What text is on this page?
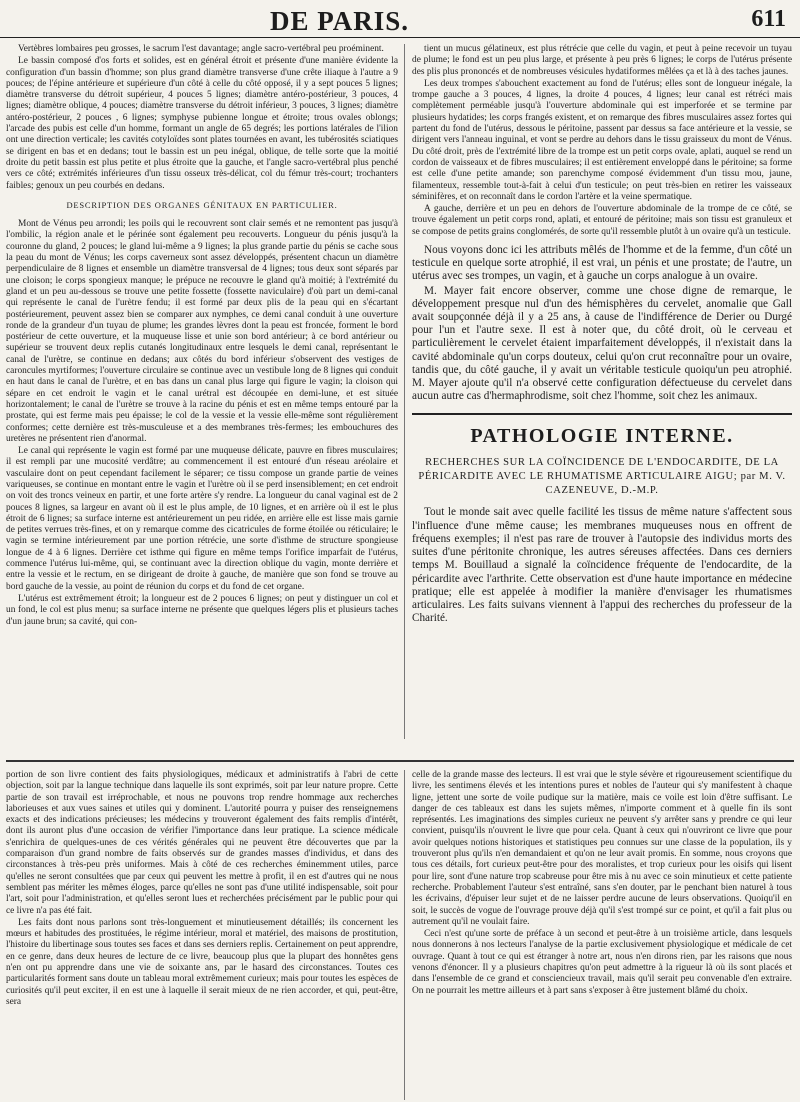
DE PARIS.	611

Vertèbres lombaires peu grosses, le sacrum l'est davantage; angle sacro-vertébral peu proéminent.

Le bassin composé d'os forts et solides, est en général étroit et présente d'une manière évidente la configuration d'un bassin d'homme; son plus grand diamètre transverse d'une crête iliaque à l'autre a 9 pouces; de l'épine antérieure et supérieure d'un côté à celle du côté opposé, il y a sept pouces 5 lignes; diamètre transverse du détroit supérieur, 4 pouces 5 lignes; diamètre antéro-postérieur, 3 pouces, 4 lignes; diamètre oblique, 4 pouces; diamètre transverse du détroit inférieur, 3 pouces, 3 lignes; diamètre antéro-postérieur, 2 pouces , 6 lignes; symphyse pubienne longue et étroite; trous ovales oblongs; l'arcade des pubis est celle d'un homme, formant un angle de 65 degrés; les portions latérales de l'ilion ont une direction verticale; les cavités cotyloïdes sont plates tournées en avant, les tubérosités sciatiques se dirigent en bas et en dedans; tout le bassin est un peu inégal, oblique, de telle sorte que la moitié droite du petit bassin est plus petite et plus étroite que la gauche, et l'angle sacro-vertébral plus penché vers ce côté; extrémités inférieures d'un tissu osseux très-délicat, col du fémur très-court; trochanters faibles; genoux un peu courbés en dedans.

DESCRIPTION DES ORGANES GÉNITAUX EN PARTICULIER.

Mont de Vénus peu arrondi; les poils qui le recouvrent sont clair semés et ne remontent pas jusqu'à l'ombilic, la région anale et le périnée sont également peu recouverts. Longueur du pénis jusqu'à la couronne du gland, 2 pouces; le gland lui-même a 9 lignes; la plus grande partie du pénis se cache sous la peau du mont de Vénus; les corps caverneux sont assez développés, présentent chacun un diamètre perpendiculaire de 8 lignes et ensemble un diamètre transversal de 4 lignes; tous deux sont séparés par une cloison; le corps spongieux manque; le prépuce ne recouvre le gland qu'à moitié; à l'extrémité du gland et un peu au-dessous se trouve une petite fossette (fossette naviculaire) d'où part un demi-canal qui représente le canal de l'urètre fendu; il est formé par deux plis de la peau qui en s'écartant postérieurement, peuvent assez bien se comparer aux nymphes, ce demi canal conduit à une ouverture ronde de la grandeur d'un tuyau de plume; les grandes lèvres dont la peau est froncée, forment le bord postérieur de cette ouverture, et la muqueuse lisse et unie son bord antérieur; à ce bord antérieur ou supérieur se trouvent deux replis cutanés longitudinaux entre lesquels le demi canal, représentant le canal de l'urètre, se continue en dedans; aux côtés du bord inférieur s'observent des vestiges de caroncules myrtiformes; l'ouverture circulaire se continue avec un vestibule long de 8 lignes qui conduit en haut dans le canal de l'urètre, et en bas dans un canal plus large qui figure le vagin; la cloison qui sépare en cet endroit le vagin et le canal urétral est découpée en demi-lune, et est située horizontalement; le canal de l'urètre se trouve à la racine du pénis et est en même temps entouré par la prostate, qui est ferme mais peu épaisse; le col de la vessie et la vessie elle-même sont régulièrement conformes; cette dernière est très-musculeuse et a des membranes très-fermes; les embouchures des uretères ne présentent rien d'anormal.

Le canal qui représente le vagin est formé par une muqueuse délicate, pauvre en fibres musculaires; il est rempli par une mucosité verdâtre; au commencement il est entouré d'un réseau aréolaire et vasculaire dont on peut cependant facilement le séparer; ce tissu compose un grande partie de veines variqueuses, se continue en montant entre le vagin et l'urètre où il se perd insensiblement; en cet endroit on voit des troncs veineux en partir, et une forte artère s'y rendre. La longueur du canal vaginal est de 2 pouces 8 lignes, sa largeur en avant où il est le plus ample, de 10 lignes, et en arrière où il est le plus étroit de 6 lignes; sa surface interne est antérieurement un peu ridée, en arrière elle est lisse mais garnie de petites verrues très-fines, et on y remarque comme des cicatricules de forme étoilée ou réticulaire; le vagin se termine intérieurement par une portion rétrécie, une sorte d'isthme de structure spongieuse longue de 4 à 6 lignes. Derrière cet isthme qui figure en même temps l'orifice imparfait de l'utérus, commence l'utérus lui-même, qui, se continuant avec la direction oblique du vagin, monte derrière et entre la vessie et le rectum, en se dirigeant de droite à gauche, de manière que son fond se trouve au bord gauche de la vessie, au point de réunion du corps et du fond de cet organe.

L'utérus est extrêmement étroit; la longueur est de 2 pouces 6 lignes; on peut y distinguer un col et un fond, le col est plus menu; sa surface interne ne présente que quelques légers plis et plusieurs taches d'un jaune brun; sa cavité, qui con-

tient un mucus gélatineux, est plus rétrécie que celle du vagin, et peut à peine recevoir un tuyau de plume; le fond est un peu plus large, et présente à peu près 6 lignes; le corps de l'utérus présente des plis plus prononcés et de nombreuses vésicules hydatiformes mêlées ça et là à des taches jaunes.

Les deux trompes s'abouchent exactement au fond de l'utérus; elles sont de longueur inégale, la trompe gauche a 3 pouces, 4 lignes, la droite 4 pouces, 4 lignes; leur canal est rétréci mais complètement perméable jusqu'à l'ouverture abdominale qui est imperforée et se termine par plusieurs hydatides; les corps frangés existent, et on remarque des fibres musculaires assez fortes qui partent du fond de l'utérus, dessous le péritoine, passent par dessus sa face antérieure et la vessie, se dirigent vers l'anneau inguinal, et vont se perdre au dehors dans le tissu graisseux du mont de Vénus. Du côté droit, près de l'extrémité libre de la trompe est un petit corps ovale, aplati, auquel se rend un cordon de vaisseaux et de fibres musculaires; il est entièrement enveloppé dans le péritoine; sa forme est celle d'une petite amande; son parenchyme composé évidemment d'un tissu mou, jaune, filamenteux, ressemble tout-à-fait à celui d'un testicule; on peut très-bien en retirer les vaisseaux séminifères, et on reconnaît dans le cordon l'artère et la veine spermatique.

A gauche, derrière et un peu en dehors de l'ouverture abdominale de la trompe de ce côté, se trouve également un petit corps rond, aplati, et entouré de péritoine; mais son tissu est granuleux et se compose de petits grains conglomérés, de sorte qu'il ressemble plutôt à un ovaire qu'à un testicule.

Nous voyons donc ici les attributs mêlés de l'homme et de la femme, d'un côté un testicule en quelque sorte atrophié, il est vrai, un pénis et une prostate; de l'autre, un utérus avec ses trompes, un vagin, et à gauche un corps analogue à un ovaire.

M. Mayer fait encore observer, comme une chose digne de remarque, le développement presque nul d'un des hémisphères du cervelet, anomalie que Gall avait soupçonnée déjà il y a 25 ans, à cause de l'indifférence de Derier ou Durgé pour l'un et l'autre sexe. Il est à noter que, du côté droit, où le cerveau et particulièrement le cervelet étaient imparfaitement développés, il n'existait dans la cavité abdominale qu'un corps douteux, celui qu'on crut reconnaître pour un ovaire, tandis que, du côté gauche, il y avait un véritable testicule quoiqu'un peu atrophié. M. Mayer ajoute qu'il n'a observé cette configuration défectueuse du cervelet dans aucun autre cas d'hermaphrodisme, soit chez l'homme, soit chez les animaux.

PATHOLOGIE INTERNE.
RECHERCHES SUR LA COÏNCIDENCE DE L'ENDOCARDITE, DE LA PÉRICARDITE AVEC LE RHUMATISME ARTICULAIRE AIGU; par M. V. CAZENEUVE, D.-M.P.

Tout le monde sait avec quelle facilité les tissus de même nature s'affectent sous l'influence d'une même cause; les membranes muqueuses nous en offrent de fréquens exemples; il n'est pas rare de trouver à l'autopsie des individus morts des suites d'une péritonite chronique, les autres séreuses affectées. Dans ces derniers temps M. Bouillaud a signalé la coïncidence fréquente de l'endocardite, de la péricardite avec l'arthrite. Cette observation est d'une haute importance en médecine pratique; elle est appelée à modifier la manière d'envisager les rhumatismes articulaires. Les faits suivans viennent à l'appui des recherches du professeur de la Charité.

portion de son livre contient des faits physiologiques, médicaux et administratifs à l'abri de cette objection, soit par la langue technique dans laquelle ils sont exprimés, soit par leur nature propre. Cette partie de son travail est irréprochable, et nous ne pouvons trop rendre hommage aux recherches laborieuses et aux vues saines et utiles qui y dominent. L'autorité pourra y puiser des renseignemens exacts et des indications précieuses; les médecins y trouveront également des faits remplis d'intérêt, dont ils auront plus d'une occasion de vérifier l'importance dans leur pratique. La science médicale s'enrichira de quelques-unes de ces vérités générales qui ne peuvent être découvertes que par la comparaison d'un grand nombre de faits observés sur de grandes masses d'individus, et dans des circonstances à très-peu près uniformes. Mais à côté de ces recherches éminemment utiles, parce qu'elles ne seront consultées que par ceux qui peuvent les mettre à profit, il en est d'autres qui ne nous semblent pas mériter les mêmes éloges, parce qu'elles ne sont pas d'une utilité indispensable, soit pour l'art, soit pour l'administration, et qu'elles seront lues et recherchées précisément par le public pour qui ce livre n'a pas été fait.

Les faits dont nous parlons sont très-longuement et minutieusement détaillés; ils concernent les mœurs et habitudes des prostituées, le régime intérieur, moral et matériel, des maisons de prostitution, l'histoire du libertinage sous toutes ses faces et dans ses derniers replis. Certainement on peut apprendre, en ce genre, dans deux heures de lecture de ce livre, beaucoup plus que la plupart des honnêtes gens n'en ont pu apprendre dans une vie de soixante ans, par le hasard des circonstances. Toutes ces particularités forment sans doute un tableau moral extrêmement curieux; mais pour toutes les espèces de curiosités qu'il peut exciter, il en est une à laquelle il serait mieux de ne rien accorder, et qui, peut-être, sera

celle de la grande masse des lecteurs. Il est vrai que le style sévère et rigoureusement scientifique du livre, les sentimens élevés et les intentions pures et nobles de l'auteur qui s'y manifestent à chaque ligne, jettent une sorte de voile pudique sur la matière, mais ce voile est loin d'être suffisant. Le danger de ces tableaux est dans les sujets mêmes, n'importe comment et à quelle fin ils sont représentés. Les imaginations des simples curieux ne peuvent s'y arrêter sans y prendre ce qui leur convient, puisqu'ils n'ouvrent le livre que pour cela. Quant à ceux qui n'ouvriront ce livre que pour avoir quelques notions historiques et statistiques peu connues sur une classe de la population, ils y trouveront plus qu'ils n'en demandaient et qu'on ne leur avait promis. En somme, nous croyons que tous ces détails, fort curieux peut-être pour des moralistes, et trop curieux pour les oisifs qui lisent pour lire, sont d'une nature trop scabreuse pour être mis à nu avec ce soin minutieux et cette patiente recherche. Probablement l'auteur s'est entraîné, sans s'en douter, par le penchant bien naturel à tous les écrivains, d'épuiser leur sujet et de ne laisser perdre aucune de leurs observations. Quoiqu'il en soit, le succès de vogue de l'ouvrage prouve déjà qu'il s'est trompé sur ce point, et qu'il a fait plus ou autrement qu'il ne voulait faire.

Ceci n'est qu'une sorte de préface à un second et peut-être à un troisième article, dans lesquels nous donnerons à nos lecteurs l'analyse de la partie exclusivement physiologique et médicale de cet ouvrage. Quant à tout ce qui est étranger à notre art, nous n'en dirons rien, par les raisons que nous venons d'énoncer. Il y a plusieurs chapitres qu'on peut admettre à la rigueur là où ils sont placés et dans l'ensemble de ce grand et consciencieux travail, mais qu'il serait peu convenable d'en extraire. On ne pourrait les mettre ailleurs et à part sans s'exposer à être justement blâmé du choix.
